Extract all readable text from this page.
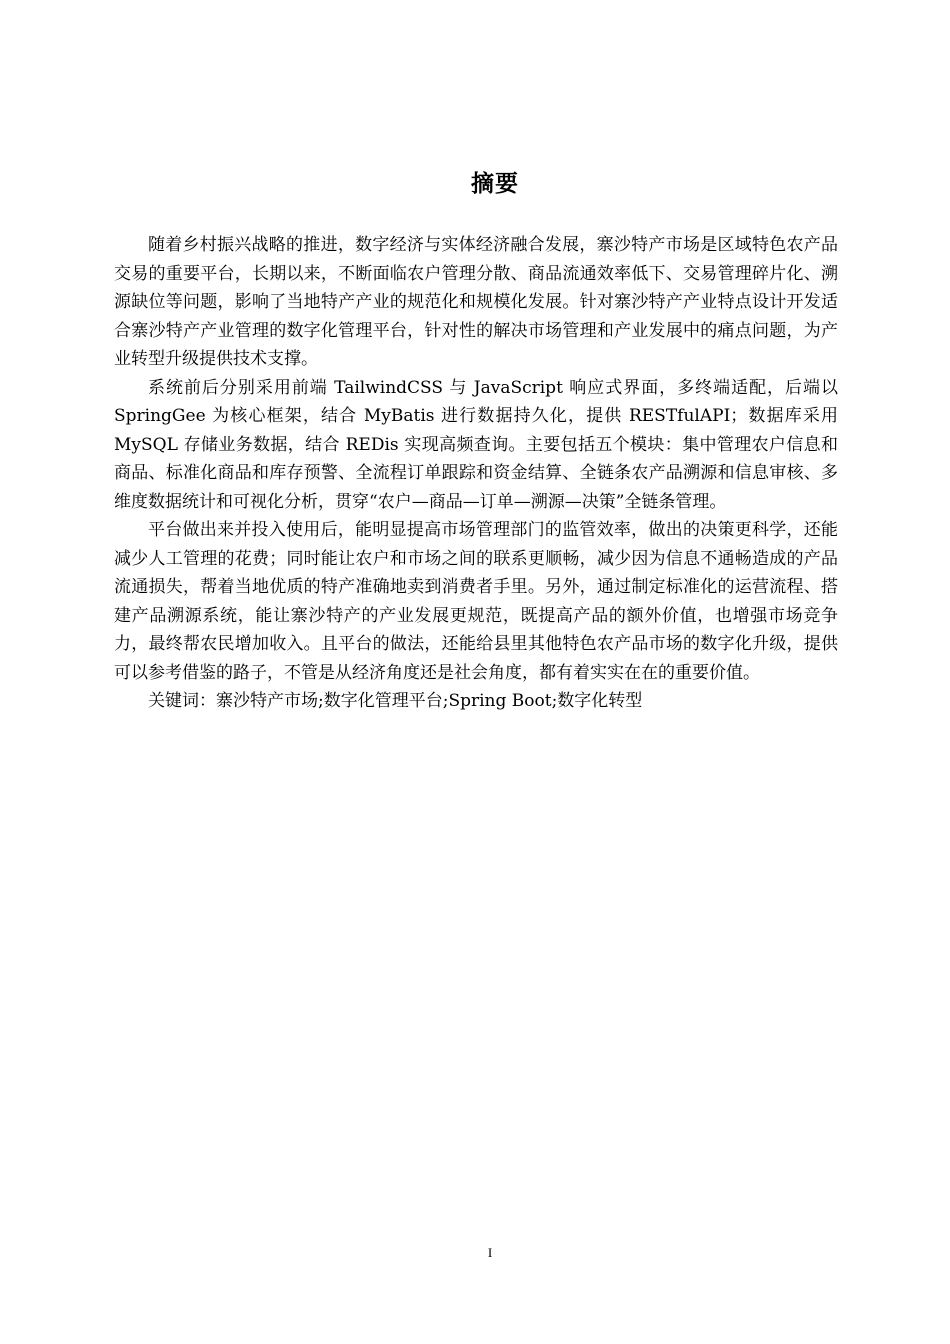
摘要

随着乡村振兴战略的推进，数字经济与实体经济融合发展，寨沙特产市场是区域特色农产品交易的重要平台，长期以来，不断面临农户管理分散、商品流通效率低下、交易管理碎片化、溯源缺位等问题，影响了当地特产产业的规范化和规模化发展。针对寨沙特产产业特点设计开发适合寨沙特产产业管理的数字化管理平台，针对性的解决市场管理和产业发展中的痛点问题，为产业转型升级提供技术支撑。

系统前后分别采用前端 TailwindCSS 与 JavaScript 响应式界面，多终端适配，后端以 SpringGee 为核心框架，结合 MyBatis 进行数据持久化，提供 RESTfulAPI；数据库采用 MySQL 存储业务数据，结合 REDis 实现高频查询。主要包括五个模块：集中管理农户信息和商品、标准化商品和库存预警、全流程订单跟踪和资金结算、全链条农产品溯源和信息审核、多维度数据统计和可视化分析，贯穿“农户—商品—订单—溯源—决策”全链条管理。

平台做出来并投入使用后，能明显提高市场管理部门的监管效率，做出的决策更科学，还能减少人工管理的花费；同时能让农户和市场之间的联系更顺畅，减少因为信息不通畅造成的产品流通损失，帮着当地优质的特产准确地卖到消费者手里。另外，通过制定标准化的运营流程、搭建产品溯源系统，能让寨沙特产的产业发展更规范，既提高产品的额外价值，也增强市场竞争力，最终帮农民增加收入。且平台的做法，还能给县里其他特色农产品市场的数字化升级，提供可以参考借鉴的路子，不管是从经济角度还是社会角度，都有着实实在在的重要价值。

关键词：寨沙特产市场;数字化管理平台;Spring Boot;数字化转型

I
